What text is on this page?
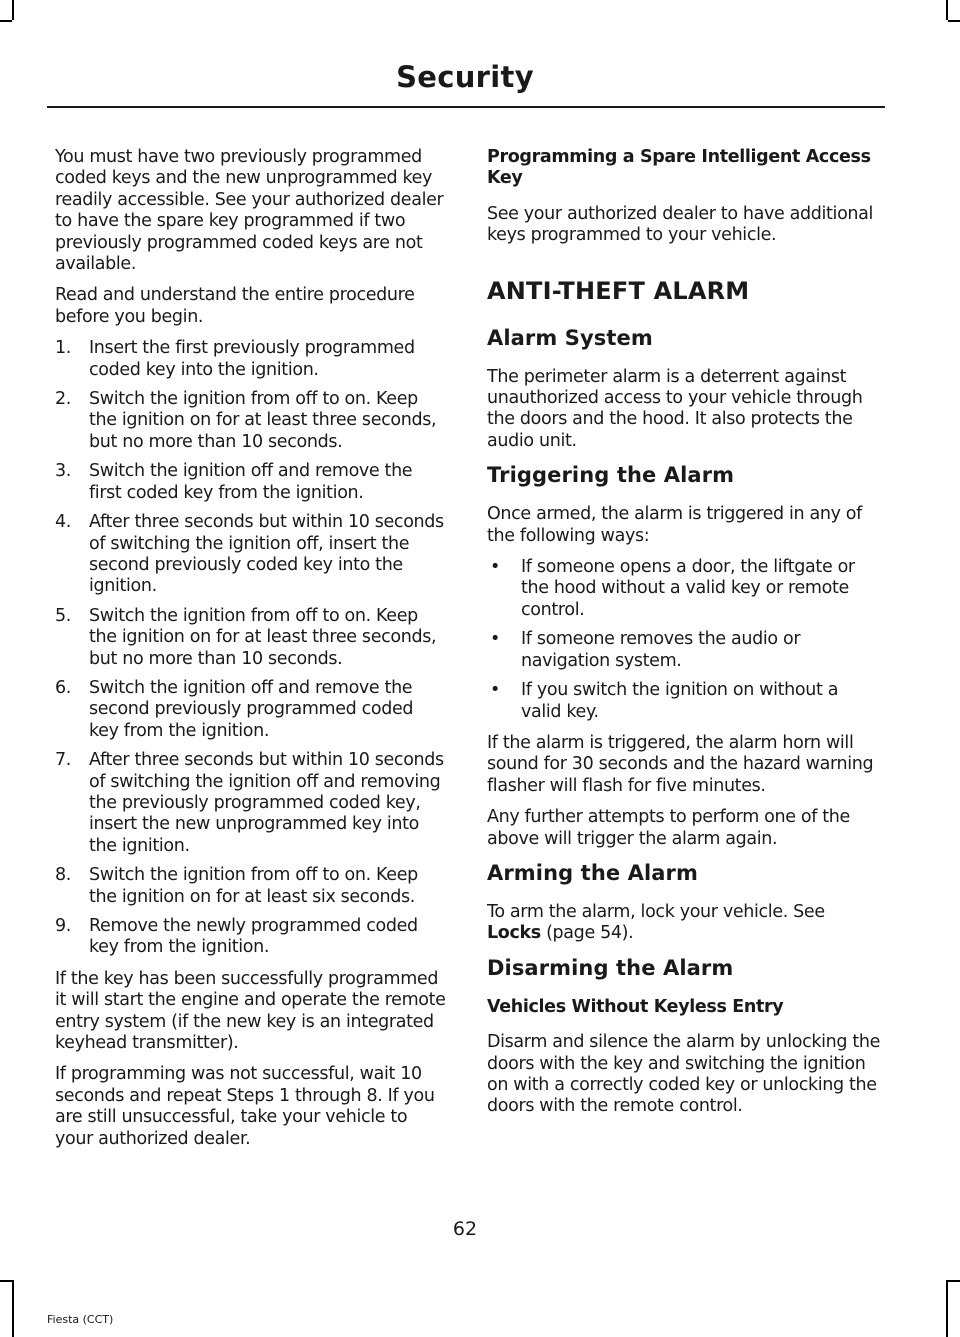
Security

You must have two previously programmed coded keys and the new unprogrammed key readily accessible. See your authorized dealer to have the spare key programmed if two previously programmed coded keys are not available.

Read and understand the entire procedure before you begin.

1. Insert the first previously programmed coded key into the ignition.
2. Switch the ignition from off to on. Keep the ignition on for at least three seconds, but no more than 10 seconds.
3. Switch the ignition off and remove the first coded key from the ignition.
4. After three seconds but within 10 seconds of switching the ignition off, insert the second previously coded key into the ignition.
5. Switch the ignition from off to on. Keep the ignition on for at least three seconds, but no more than 10 seconds.
6. Switch the ignition off and remove the second previously programmed coded key from the ignition.
7. After three seconds but within 10 seconds of switching the ignition off and removing the previously programmed coded key, insert the new unprogrammed key into the ignition.
8. Switch the ignition from off to on. Keep the ignition on for at least six seconds.
9. Remove the newly programmed coded key from the ignition.

If the key has been successfully programmed it will start the engine and operate the remote entry system (if the new key is an integrated keyhead transmitter).

If programming was not successful, wait 10 seconds and repeat Steps 1 through 8. If you are still unsuccessful, take your vehicle to your authorized dealer.

Programming a Spare Intelligent Access Key

See your authorized dealer to have additional keys programmed to your vehicle.

ANTI-THEFT ALARM
Alarm System

The perimeter alarm is a deterrent against unauthorized access to your vehicle through the doors and the hood. It also protects the audio unit.

Triggering the Alarm

Once armed, the alarm is triggered in any of the following ways:

• If someone opens a door, the liftgate or the hood without a valid key or remote control.
• If someone removes the audio or navigation system.
• If you switch the ignition on without a valid key.

If the alarm is triggered, the alarm horn will sound for 30 seconds and the hazard warning flasher will flash for five minutes.

Any further attempts to perform one of the above will trigger the alarm again.

Arming the Alarm

To arm the alarm, lock your vehicle. See
Locks (page 54).

Disarming the Alarm
Vehicles Without Keyless Entry

Disarm and silence the alarm by unlocking the doors with the key and switching the ignition on with a correctly coded key or unlocking the doors with the remote control.

62
Fiesta (CCT)
